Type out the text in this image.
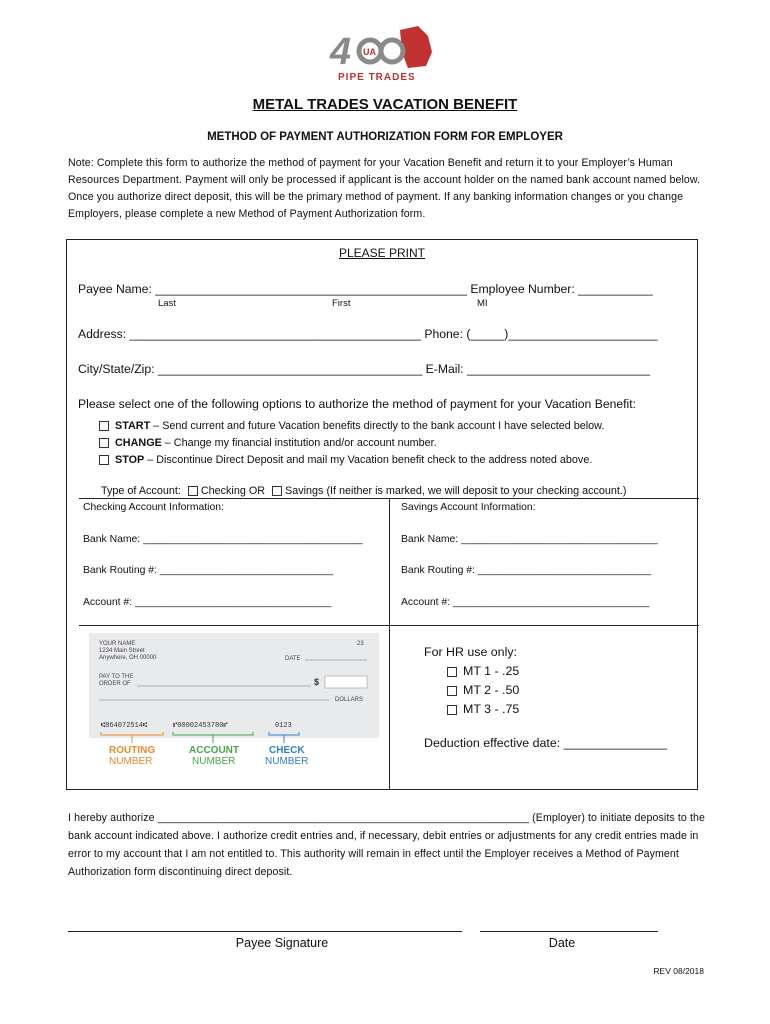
4 UA
PIPE TRADES
METAL TRADES VACATION BENEFIT
METHOD OF PAYMENT AUTHORIZATION FORM FOR EMPLOYER
Note: Complete this form to authorize the method of payment for your Vacation Benefit and return it to your Employer’s Human Resources Department. Payment will only be processed if applicant is the account holder on the named bank account named below. Once you authorize direct deposit, this will be the primary method of payment. If any banking information changes or you change Employers, please complete a new Method of Payment Authorization form.
PLEASE PRINT
Payee Name: ______________________________________________ Employee Number: ___________
Last	First	MI
Address: ___________________________________________ Phone: (_____)______________________
City/State/Zip: _______________________________________ E-Mail: ___________________________
Please select one of the following options to authorize the method of payment for your Vacation Benefit:
START – Send current and future Vacation benefits directly to the bank account I have selected below.
CHANGE – Change my financial institution and/or account number.
STOP – Discontinue Direct Deposit and mail my Vacation benefit check to the address noted above.
Type of Account: Checking OR Savings (If neither is marked, we will deposit to your checking account.)
Checking Account Information:	Savings Account Information:
Bank Name: ______________________________________	Bank Name: __________________________________
Bank Routing #: ______________________________	Bank Routing #: ______________________________
Account #: __________________________________	Account #: __________________________________
For HR use only:
MT 1 - .25
MT 2 - .50
MT 3 - .75
Deduction effective date: _______________
YOUR NAME
1234 Main Street
Anywhere, OH 00000
23
DATE
PAY TO THE
ORDER OF	$
DOLLARS
⑆064072514⑆	⑈00002453780⑈	0123
ROUTING
NUMBER
ACCOUNT
NUMBER
CHECK
NUMBER
I hereby authorize ______________________________________________________________ (Employer) to initiate deposits to the bank account indicated above. I authorize credit entries and, if necessary, debit entries or adjustments for any credit entries made in error to my account that I am not entitled to. This authority will remain in effect until the Employer receives a Method of Payment Authorization form discontinuing direct deposit.
Payee Signature	Date
REV 08/2018
